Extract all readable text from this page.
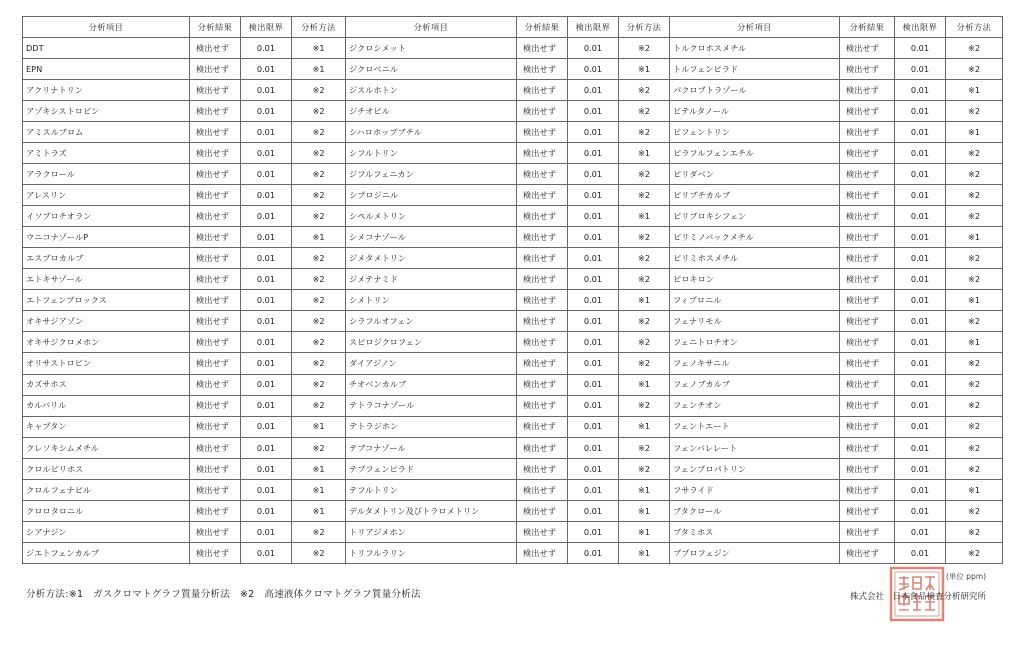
分析項目	分析結果	検出限界	分析方法	分析項目	分析結果	検出限界	分析方法	分析項目	分析結果	検出限界	分析方法
DDT	検出せず	0.01	※1	ジクロシメット	検出せず	0.01	※2	トルクロホスメチル	検出せず	0.01	※2
EPN	検出せず	0.01	※1	ジクロベニル	検出せず	0.01	※1	トルフェンピラド	検出せず	0.01	※2
アクリナトリン	検出せず	0.01	※2	ジスルホトン	検出せず	0.01	※2	パクロブトラゾール	検出せず	0.01	※1
アゾキシストロビン	検出せず	0.01	※2	ジチオピル	検出せず	0.01	※2	ビテルタノール	検出せず	0.01	※2
アミスルブロム	検出せず	0.01	※2	シハロホップブチル	検出せず	0.01	※2	ビフェントリン	検出せず	0.01	※1
アミトラズ	検出せず	0.01	※2	シフルトリン	検出せず	0.01	※1	ピラフルフェンエチル	検出せず	0.01	※2
アラクロール	検出せず	0.01	※2	ジフルフェニカン	検出せず	0.01	※2	ピリダベン	検出せず	0.01	※2
アレスリン	検出せず	0.01	※2	シプロジニル	検出せず	0.01	※2	ピリブチカルブ	検出せず	0.01	※2
イソプロチオラン	検出せず	0.01	※2	シペルメトリン	検出せず	0.01	※1	ピリプロキシフェン	検出せず	0.01	※2
ウニコナゾールP	検出せず	0.01	※1	シメコナゾール	検出せず	0.01	※2	ピリミノバックメチル	検出せず	0.01	※1
エスプロカルブ	検出せず	0.01	※2	ジメタメトリン	検出せず	0.01	※2	ピリミホスメチル	検出せず	0.01	※2
エトキサゾール	検出せず	0.01	※2	ジメテナミド	検出せず	0.01	※2	ピロキロン	検出せず	0.01	※2
エトフェンプロックス	検出せず	0.01	※2	シメトリン	検出せず	0.01	※1	フィプロニル	検出せず	0.01	※1
オキサジアゾン	検出せず	0.01	※2	シラフルオフェン	検出せず	0.01	※2	フェナリモル	検出せず	0.01	※2
オキサジクロメホン	検出せず	0.01	※2	スピロジクロフェン	検出せず	0.01	※2	フェニトロチオン	検出せず	0.01	※1
オリサストロビン	検出せず	0.01	※2	ダイアジノン	検出せず	0.01	※2	フェノキサニル	検出せず	0.01	※2
カズサホス	検出せず	0.01	※2	チオベンカルブ	検出せず	0.01	※1	フェノブカルブ	検出せず	0.01	※2
カルバリル	検出せず	0.01	※2	テトラコナゾール	検出せず	0.01	※2	フェンチオン	検出せず	0.01	※2
キャプタン	検出せず	0.01	※1	テトラジホン	検出せず	0.01	※1	フェントエート	検出せず	0.01	※2
クレソキシムメチル	検出せず	0.01	※2	テブコナゾール	検出せず	0.01	※2	フェンバレレート	検出せず	0.01	※2
クロルピリホス	検出せず	0.01	※1	テブフェンピラド	検出せず	0.01	※2	フェンプロパトリン	検出せず	0.01	※2
クロルフェナピル	検出せず	0.01	※1	テフルトリン	検出せず	0.01	※1	フサライド	検出せず	0.01	※1
クロロタロニル	検出せず	0.01	※1	デルタメトリン及びトラロメトリン	検出せず	0.01	※1	ブタクロール	検出せず	0.01	※2
シアナジン	検出せず	0.01	※2	トリアジメホン	検出せず	0.01	※1	ブタミホス	検出せず	0.01	※2
ジエトフェンカルブ	検出せず	0.01	※2	トリフルラリン	検出せず	0.01	※1	ブプロフェジン	検出せず	0.01	※2
分析方法:※1　ガスクロマトグラフ質量分析法　※2　高速液体クロマトグラフ質量分析法
(単位 ppm)
株式会社　日本食品検査分析研究所
